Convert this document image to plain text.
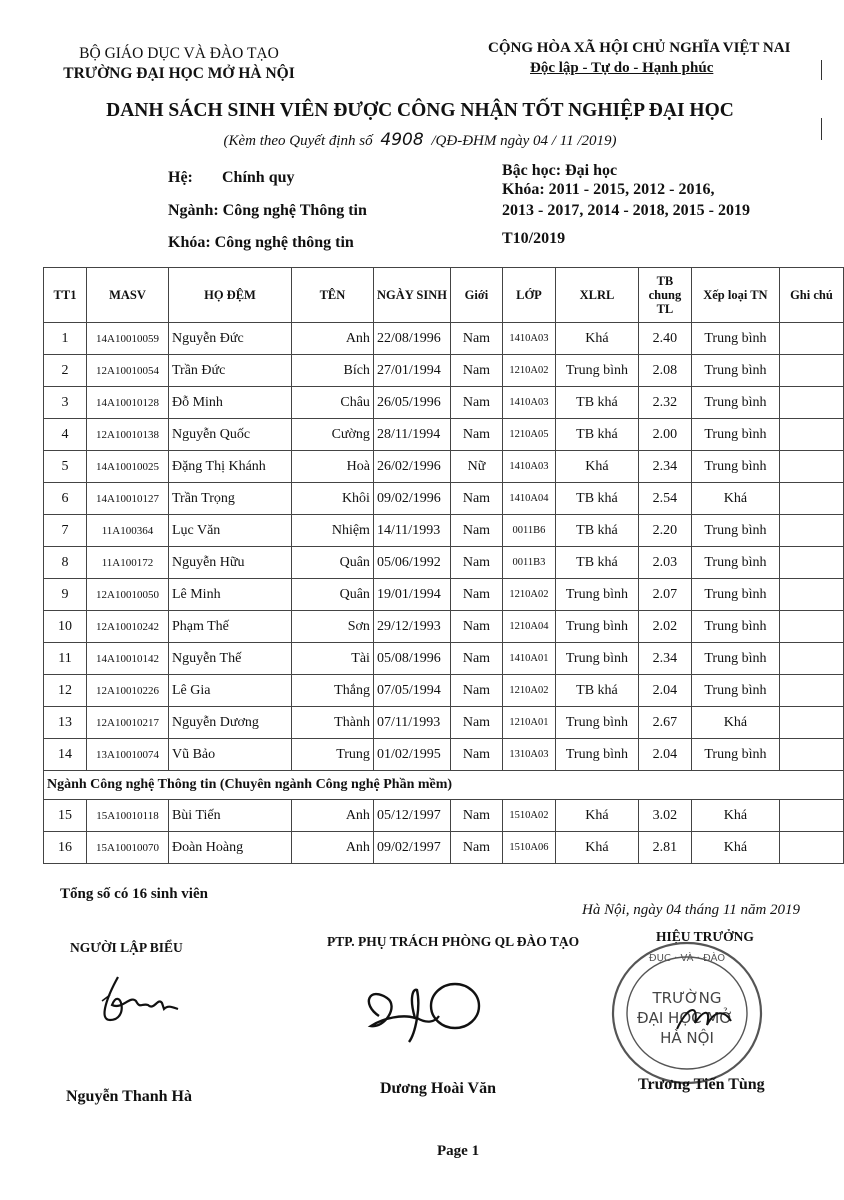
BỘ GIÁO DỤC VÀ ĐÀO TẠO
TRƯỜNG ĐẠI HỌC MỞ HÀ NỘI
CỘNG HÒA XÃ HỘI CHỦ NGHĨA VIỆT NAI
Độc lập - Tự do - Hạnh phúc
DANH SÁCH SINH VIÊN ĐƯỢC CÔNG NHẬN TỐT NGHIỆP ĐẠI HỌC
(Kèm theo Quyết định số 4908 /QĐ-ĐHM ngày 04 / 11 /2019)
Hệ: Chính quy
Ngành: Công nghệ Thông tin
Khóa: Công nghệ thông tin
Bậc học: Đại học
Khóa: 2011 - 2015, 2012 - 2016,
2013 - 2017, 2014 - 2018, 2015 - 2019
T10/2019
TT1	MASV	HỌ ĐỆM	TÊN	NGÀY SINH	Giới	LỚP	XLRL	TB chung TL	Xếp loại TN	Ghi chú
1	14A10010059	Nguyễn Đức	Anh	22/08/1996	Nam	1410A03	Khá	2.40	Trung bình	
2	12A10010054	Trần Đức	Bích	27/01/1994	Nam	1210A02	Trung bình	2.08	Trung bình	
3	14A10010128	Đỗ Minh	Châu	26/05/1996	Nam	1410A03	TB khá	2.32	Trung bình	
4	12A10010138	Nguyễn Quốc	Cường	28/11/1994	Nam	1210A05	TB khá	2.00	Trung bình	
5	14A10010025	Đặng Thị Khánh	Hoà	26/02/1996	Nữ	1410A03	Khá	2.34	Trung bình	
6	14A10010127	Trần Trọng	Khôi	09/02/1996	Nam	1410A04	TB khá	2.54	Khá	
7	11A100364	Lục Văn	Nhiệm	14/11/1993	Nam	0011B6	TB khá	2.20	Trung bình	
8	11A100172	Nguyễn Hữu	Quân	05/06/1992	Nam	0011B3	TB khá	2.03	Trung bình	
9	12A10010050	Lê Minh	Quân	19/01/1994	Nam	1210A02	Trung bình	2.07	Trung bình	
10	12A10010242	Phạm Thế	Sơn	29/12/1993	Nam	1210A04	Trung bình	2.02	Trung bình	
11	14A10010142	Nguyễn Thế	Tài	05/08/1996	Nam	1410A01	Trung bình	2.34	Trung bình	
12	12A10010226	Lê Gia	Thắng	07/05/1994	Nam	1210A02	TB khá	2.04	Trung bình	
13	12A10010217	Nguyễn Dương	Thành	07/11/1993	Nam	1210A01	Trung bình	2.67	Khá	
14	13A10010074	Vũ Bảo	Trung	01/02/1995	Nam	1310A03	Trung bình	2.04	Trung bình	
Ngành Công nghệ Thông tin (Chuyên ngành Công nghệ Phần mềm)										
15	15A10010118	Bùi Tiến	Anh	05/12/1997	Nam	1510A02	Khá	3.02	Khá	
16	15A10010070	Đoàn Hoàng	Anh	09/02/1997	Nam	1510A06	Khá	2.81	Khá	
Tổng số có 16 sinh viên
Hà Nội, ngày 04 tháng 11 năm 2019
NGƯỜI LẬP BIỂU	PTP. PHỤ TRÁCH PHÒNG QL ĐÀO TẠO	HIỆU TRƯỞNG
TRƯỜNG
ĐẠI HỌC MỞ
HÀ NỘI
ĐỤC · VÀ · ĐÀO
Nguyễn Thanh Hà	Dương Hoài Văn	Trương Tiến Tùng
Page 1
